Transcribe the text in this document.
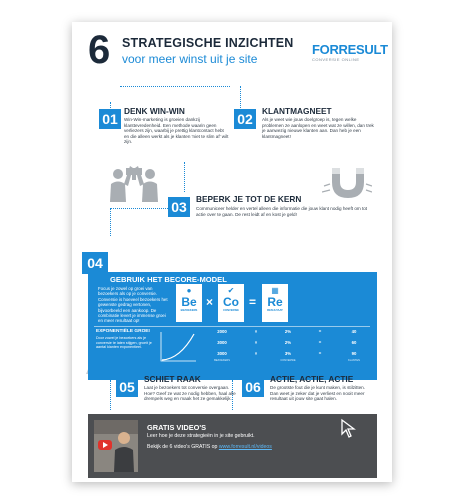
6 STRATEGISCHE INZICHTEN
voor meer winst uit je site
FORRESULT
CONVERSIE ONLINE
01 DENK WIN-WIN
Win-Win-marketing is groeien dankzij klanttevredenheid. Een methode waarin geen verliezers zijn, waarbij je prettig klantcontact hebt en die alleen werkt als je klanten 'niet te slim af' wilt zijn.
02	KLANTMAGNEET
Als je weet wie jouw doelgroep is, tegen welke problemen ze aanlopen en weet wat ze willen, dan trek je aanwezig nieuwe klanten aan. Dan heb je een klantmagneet!
03	BEPERK JE TOT DE KERN
Communiceer helder en vertel alleen die informatie die jouw klant nodig heeft om tot actie over te gaan. De rest leidt af en kost je geld!
04
GEBRUIK HET BECORE-MODEL
Focus je zowel op groei van bezoekers als op je conversie. Conversie is hoeveel bezoekers het gewenste gedrag vertonen, bijvoorbeeld een aankoop. De combinatie levert je immense groei en meer resultaat op!
●
Be
BEZOEKERS
×
✔
Co
CONVERSIE
=
▦
Re
RESULTAAT
EXPONENTIËLE GROEI
Door zowel je bezoekers als je conversie te laten stijgen, groeit je aantal klanten exponentieel.
2000	×	2%	=	40
3000	×	2%	=	60
3000	×	3%	=	90
BEZOEKERS	CONVERSIE	KLANTEN
05	SCHIET RAAK
Laat je bezoekers tot conversie overgaan. Hoe? Geef ze wat ze nodig hebben, haal alle drempels weg en maak het ze gemakkelijk.
06	ACTIE, ACTIE, ACTIE
De grootste fout die je kunt maken, is stilzitten. Dan weet je zeker dat je verliest en nooit meer resultaat uit jouw site gaat halen.
GRATIS VIDEO'S
Leer hoe je deze strategieën in je site gebruikt.
Bekijk de 6 video's GRATIS op www.forresult.nl/videos
